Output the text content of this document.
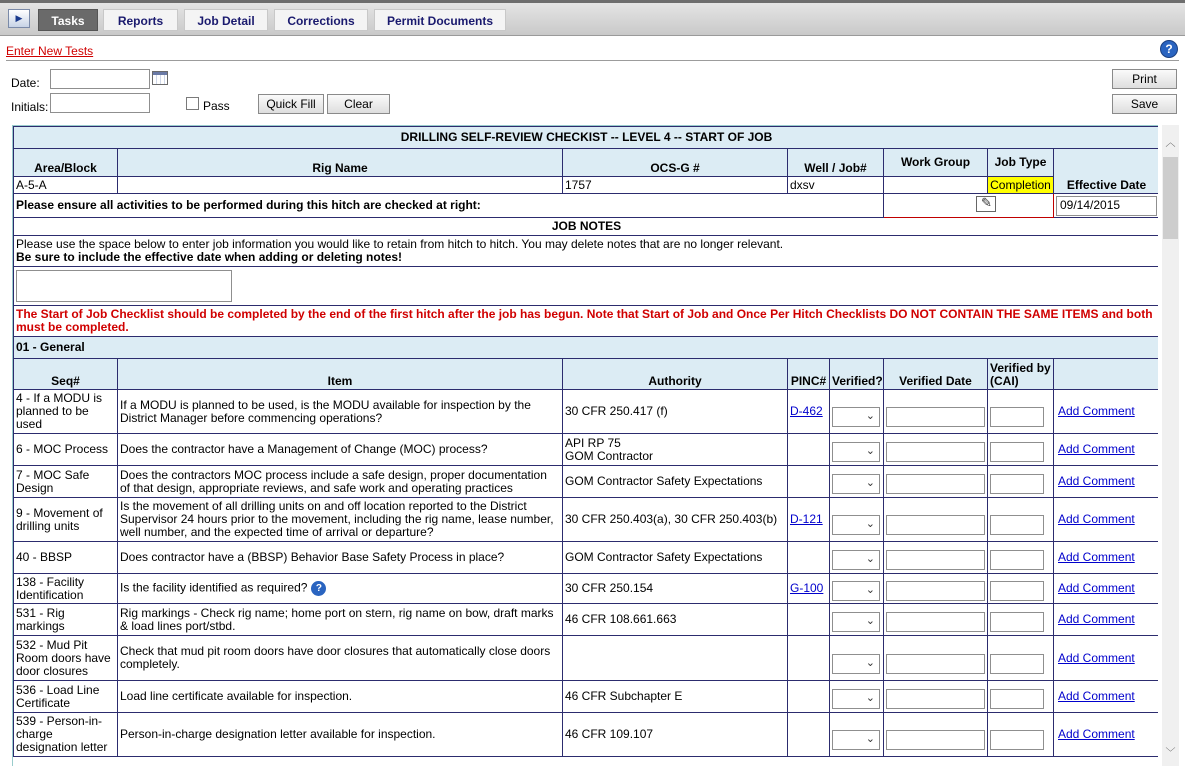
▶	Tasks	Reports	Job Detail	Corrections	Permit Documents
Enter New Tests	?
Date:
Initials:	Pass	Quick Fill	Clear
Print
Save
DRILLING SELF-REVIEW CHECKIST -- LEVEL 4 -- START OF JOB							
Area/Block	Rig Name	OCS-G #	Well / Job#		Work Group	Job Type	Effective Date
A-5-A		1757	dxsv			Completion	
Please ensure all activities to be performed during this hitch are checked at right:	
✎						09/14/2015

JOB NOTES							

Please use the space below to enter job information you would like to retain from hitch to hitch. You may delete notes that are no longer relevant.
Be sure to include the effective date when adding or deleting notes!							

The Start of Job Checklist should be completed by the end of the first hitch after the job has begun. Note that Start of Job and Once Per Hitch Checklists DO NOT CONTAIN THE SAME ITEMS and both must be completed.							
01 - General							
Seq#	Item	Authority	PINC#	Verified?	Verified Date	Verified by (CAI)	
4 - If a MODU is planned to be used	If a MODU is planned to be used, is the MODU available for inspection by the District Manager before commencing operations?	30 CFR 250.417 (f)	D-462	⌄			Add Comment
6 - MOC Process	Does the contractor have a Management of Change (MOC) process?	API RP 75
GOM Contractor		⌄			Add Comment
7 - MOC Safe Design	Does the contractors MOC process include a safe design, proper documentation of that design, appropriate reviews, and safe work and operating practices	GOM Contractor Safety Expectations		⌄			Add Comment
9 - Movement of drilling units	Is the movement of all drilling units on and off location reported to the District Supervisor 24 hours prior to the movement, including the rig name, lease number, well number, and the expected time of arrival or departure?	30 CFR 250.403(a), 30 CFR 250.403(b)	D-121	⌄			Add Comment
40 - BBSP	Does contractor have a (BBSP) Behavior Base Safety Process in place?	GOM Contractor Safety Expectations		⌄			Add Comment
138 - Facility Identification	Is the facility identified as required? ?	30 CFR 250.154	G-100	⌄			Add Comment
531 - Rig markings	Rig markings - Check rig name; home port on stern, rig name on bow, draft marks & load lines port/stbd.	46 CFR 108.661.663		⌄			Add Comment
532 - Mud Pit Room doors have door closures	Check that mud pit room doors have door closures that automatically close doors completely.			⌄			Add Comment
536 - Load Line Certificate	Load line certificate available for inspection.	46 CFR Subchapter E		⌄			Add Comment
539 - Person-in-charge designation letter	Person-in-charge designation letter available for inspection.	46 CFR 109.107		⌄			Add Comment
︿
﹀
